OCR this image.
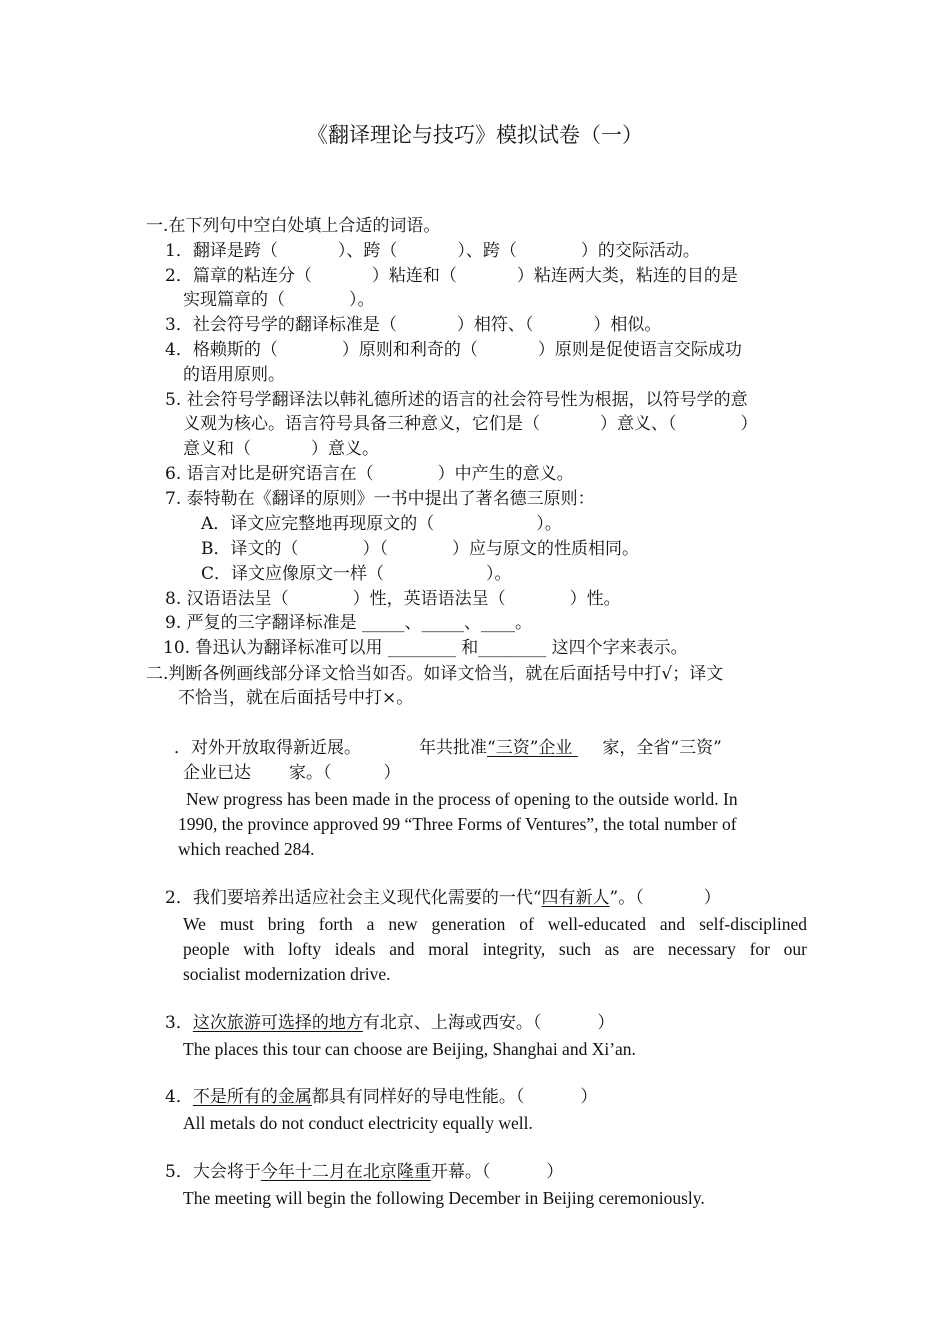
《翻译理论与技巧》模拟试卷（一）
一.在下列句中空白处填上合适的词语。
1．翻译是跨（	）、跨（	）、跨（	）的交际活动。
2．篇章的粘连分（	）粘连和（	）粘连两大类，粘连的目的是
实现篇章的（	）。
3．社会符号学的翻译标准是（	）相符、（	）相似。
4．格赖斯的（	）原则和利奇的（	）原则是促使语言交际成功
的语用原则。
5. 社会符号学翻译法以韩礼德所述的语言的社会符号性为根据，以符号学的意
义观为核心。语言符号具备三种意义，它们是（	）意义、（	）
意义和（	）意义。
6. 语言对比是研究语言在（	）中产生的意义。
7. 泰特勒在《翻译的原则》一书中提出了著名德三原则：
A．译文应完整地再现原文的（	）。
B．译文的（	）（	）应与原文的性质相同。
C．译文应像原文一样（	）。
8. 汉语语法呈（	）性，英语语法呈（	）性。
9. 严复的三字翻译标准是 _____、_____、____。
10. 鲁迅认为翻译标准可以用 ________ 和________ 这四个字来表示。
二.判断各例画线部分译文恰当如否。如译文恰当，就在后面括号中打√；译文
不恰当，就在后面括号中打×。
．对外开放取得新近展。	年共批准“三资”企业 家，全省“三资”
企业已达 家。（	）
New progress has been made in the process of opening to the outside world. In
1990, the province approved 99 “Three Forms of Ventures”, the total number of
which reached 284.
2．我们要培养出适应社会主义现代化需要的一代“四有新人”。（	）
We must bring forth a new generation of well-educated and self-disciplined
people with lofty ideals and moral integrity, such as are necessary for our
socialist modernization drive.
3．这次旅游可选择的地方有北京、上海或西安。（	）
The places this tour can choose are Beijing, Shanghai and Xi’an.
4．不是所有的金属都具有同样好的导电性能。（	）
All metals do not conduct electricity equally well.
5．大会将于今年十二月在北京隆重开幕。（	）
The meeting will begin the following December in Beijing ceremoniously.
